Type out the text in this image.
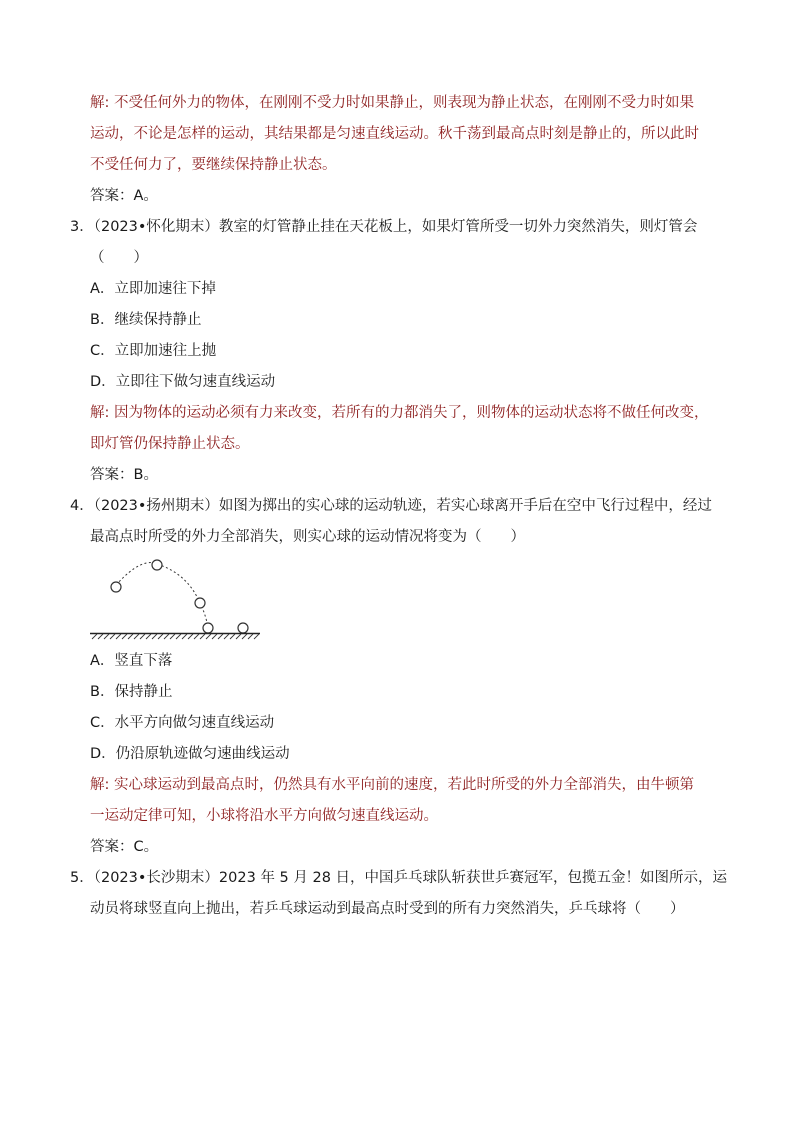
解: 不受任何外力的物体，在刚刚不受力时如果静止，则表现为静止状态，在刚刚不受力时如果
运动，不论是怎样的运动，其结果都是匀速直线运动。秋千荡到最高点时刻是静止的，所以此时
不受任何力了，要继续保持静止状态。
答案：A。
3．（2023•怀化期末）教室的灯管静止挂在天花板上，如果灯管所受一切外力突然消失，则灯管会
（　　）
A．立即加速往下掉
B．继续保持静止
C．立即加速往上抛
D．立即往下做匀速直线运动
解: 因为物体的运动必须有力来改变，若所有的力都消失了，则物体的运动状态将不做任何改变，
即灯管仍保持静止状态。
答案：B。
4．（2023•扬州期末）如图为掷出的实心球的运动轨迹，若实心球离开手后在空中飞行过程中，经过
最高点时所受的外力全部消失，则实心球的运动情况将变为（　　）
A．竖直下落
B．保持静止
C．水平方向做匀速直线运动
D．仍沿原轨迹做匀速曲线运动
解: 实心球运动到最高点时，仍然具有水平向前的速度，若此时所受的外力全部消失，由牛顿第
一运动定律可知，小球将沿水平方向做匀速直线运动。
答案：C。
5．（2023•长沙期末）2023 年 5 月 28 日，中国乒乓球队斩获世乒赛冠军，包揽五金！如图所示，运
动员将球竖直向上抛出，若乒乓球运动到最高点时受到的所有力突然消失，乒乓球将（　　）
